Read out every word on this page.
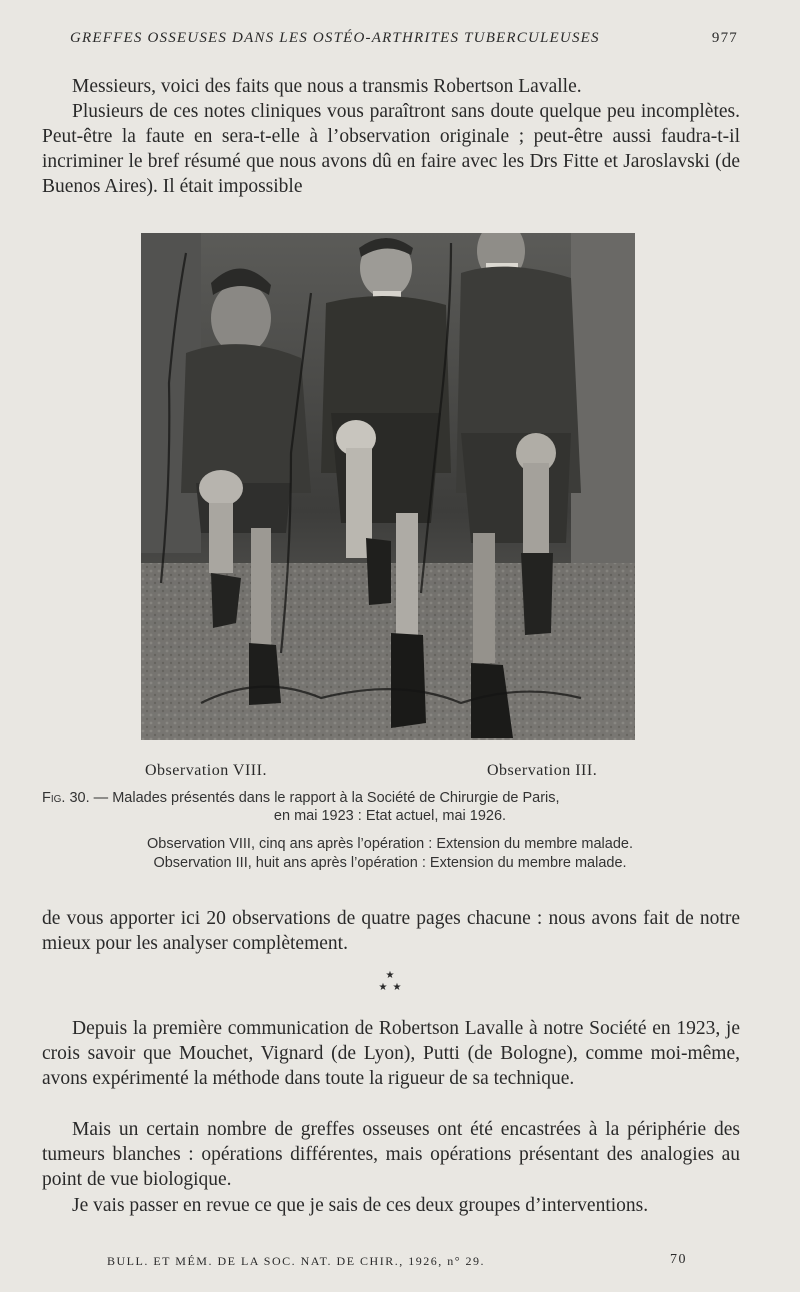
GREFFES OSSEUSES DANS LES OSTÉO-ARTHRITES TUBERCULEUSES	977

Messieurs, voici des faits que nous a transmis Robertson Lavalle.

Plusieurs de ces notes cliniques vous paraîtront sans doute quelque peu incomplètes. Peut-être la faute en sera-t-elle à l’observation originale ; peut-être aussi faudra-t-il incriminer le bref résumé que nous avons dû en faire avec les Drs Fitte et Jaroslavski (de Buenos Aires). Il était impossible

Observation VIII.	Observation III.
Fig. 30. — Malades présentés dans le rapport à la Société de Chirurgie de Paris,
en mai 1923 : Etat actuel, mai 1926.
Observation VIII, cinq ans après l’opération : Extension du membre malade.
Observation III, huit ans après l’opération : Extension du membre malade.

de vous apporter ici 20 observations de quatre pages chacune : nous avons fait de notre mieux pour les analyser complètement.

★
★  ★

Depuis la première communication de Robertson Lavalle à notre Société en 1923, je crois savoir que Mouchet, Vignard (de Lyon), Putti (de Bologne), comme moi-même, avons expérimenté la méthode dans toute la rigueur de sa technique.

Mais un certain nombre de greffes osseuses ont été encastrées à la périphérie des tumeurs blanches : opérations différentes, mais opérations présentant des analogies au point de vue biologique.

Je vais passer en revue ce que je sais de ces deux groupes d’interventions.

BULL. ET MÉM. DE LA SOC. NAT. DE CHIR., 1926, n° 29.	70
